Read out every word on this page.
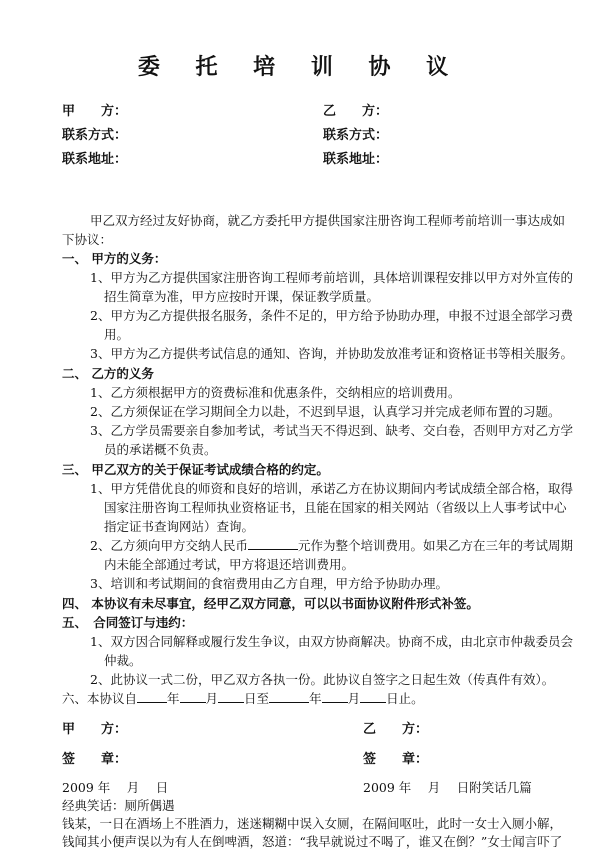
委 托 培 训 协 议
甲　　方：	乙　　方：
联系方式：	联系方式：
联系地址：	联系地址：
甲乙双方经过友好协商，就乙方委托甲方提供国家注册咨询工程师考前培训一事达成如
下协议：
一、 甲方的义务：
1、甲方为乙方提供国家注册咨询工程师考前培训，具体培训课程安排以甲方对外宣传的
招生简章为准，甲方应按时开课，保证教学质量。
2、甲方为乙方提供报名服务，条件不足的，甲方给予协助办理，申报不过退全部学习费
用。
3、甲方为乙方提供考试信息的通知、咨询，并协助发放准考证和资格证书等相关服务。
二、 乙方的义务
1、乙方须根据甲方的资费标准和优惠条件，交纳相应的培训费用。
2、乙方须保证在学习期间全力以赴，不迟到早退，认真学习并完成老师布置的习题。
3、乙方学员需要亲自参加考试，考试当天不得迟到、缺考、交白卷，否则甲方对乙方学
员的承诺概不负责。
三、 甲乙双方的关于保证考试成绩合格的约定。
1、甲方凭借优良的师资和良好的培训，承诺乙方在协议期间内考试成绩全部合格，取得
国家注册咨询工程师执业资格证书，且能在国家的相关网站（省级以上人事考试中心
指定证书查询网站）查询。
2、乙方须向甲方交纳人民币	元作为整个培训费用。如果乙方在三年的考试周期
内未能全部通过考试，甲方将退还培训费用。
3、培训和考试期间的食宿费用由乙方自理，甲方给予协助办理。
四、 本协议有未尽事宜，经甲乙双方同意，可以以书面协议附件形式补签。
五、　合同签订与违约：
1、双方因合同解释或履行发生争议，由双方协商解决。协商不成，由北京市仲裁委员会
仲裁。
2、此协议一式二份，甲乙双方各执一份。此协议自签字之日起生效（传真件有效）。
六、本协议自 年 月 日至	年 月 日止。
甲　　方：	乙　　方：
签　　章：	签　　章：
2009 年　 月　 日	2009 年　 月　 日附笑话几篇
经典笑话：厕所偶遇
钱某，一日在酒场上不胜酒力，迷迷糊糊中误入女厕，在隔间呕吐，此时一女士入厕小解，
钱闻其小便声误以为有人在倒啤酒，怒道：“我早就说过不喝了，谁又在倒？”女士闻言吓了
